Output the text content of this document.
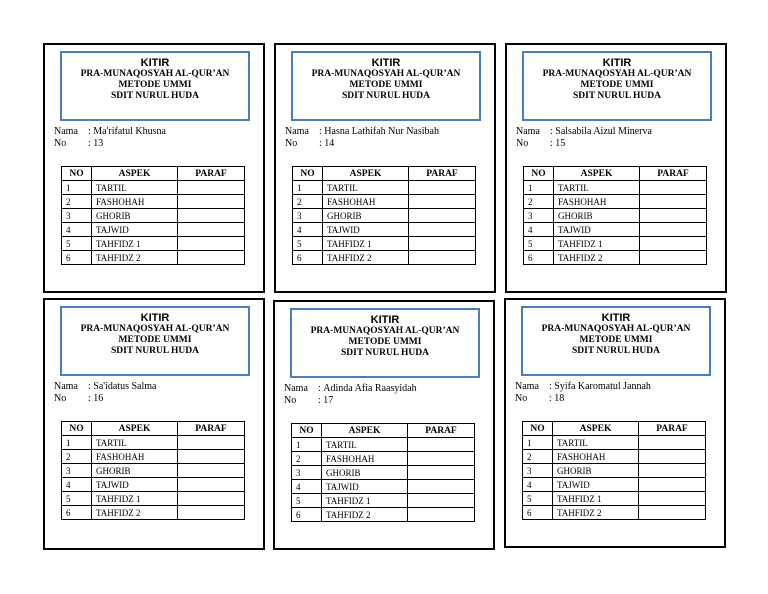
KITIR
PRA-MUNAQOSYAH AL-QUR’AN
METODE UMMI
SDIT NURUL HUDA
Nama	:
Ma'rifatul Khusna
No	:
13
NO	ASPEK	PARAF
1	TARTIL	
2	FASHOHAH	
3	GHORIB	
4	TAJWID	
5	TAHFIDZ 1	
6	TAHFIDZ 2	
KITIR
PRA-MUNAQOSYAH AL-QUR’AN
METODE UMMI
SDIT NURUL HUDA
Nama	:
Hasna Lathifah Nur Nasibah
No	:
14
NO	ASPEK	PARAF
1	TARTIL	
2	FASHOHAH	
3	GHORIB	
4	TAJWID	
5	TAHFIDZ 1	
6	TAHFIDZ 2	
KITIR
PRA-MUNAQOSYAH AL-QUR’AN
METODE UMMI
SDIT NURUL HUDA
Nama	:
Salsabila Aizul Minerva
No	:
15
NO	ASPEK	PARAF
1	TARTIL	
2	FASHOHAH	
3	GHORIB	
4	TAJWID	
5	TAHFIDZ 1	
6	TAHFIDZ 2	
KITIR
PRA-MUNAQOSYAH AL-QUR’AN
METODE UMMI
SDIT NURUL HUDA
Nama	:
Sa'idatus Salma
No	:
16
NO	ASPEK	PARAF
1	TARTIL	
2	FASHOHAH	
3	GHORIB	
4	TAJWID	
5	TAHFIDZ 1	
6	TAHFIDZ 2	
KITIR
PRA-MUNAQOSYAH AL-QUR’AN
METODE UMMI
SDIT NURUL HUDA
Nama	:
Adinda Afia Raasyidah
No	:
17
NO	ASPEK	PARAF
1	TARTIL	
2	FASHOHAH	
3	GHORIB	
4	TAJWID	
5	TAHFIDZ 1	
6	TAHFIDZ 2	
KITIR
PRA-MUNAQOSYAH AL-QUR’AN
METODE UMMI
SDIT NURUL HUDA
Nama	:
Syifa Karomatul Jannah
No	:
18
NO	ASPEK	PARAF
1	TARTIL	
2	FASHOHAH	
3	GHORIB	
4	TAJWID	
5	TAHFIDZ 1	
6	TAHFIDZ 2	
